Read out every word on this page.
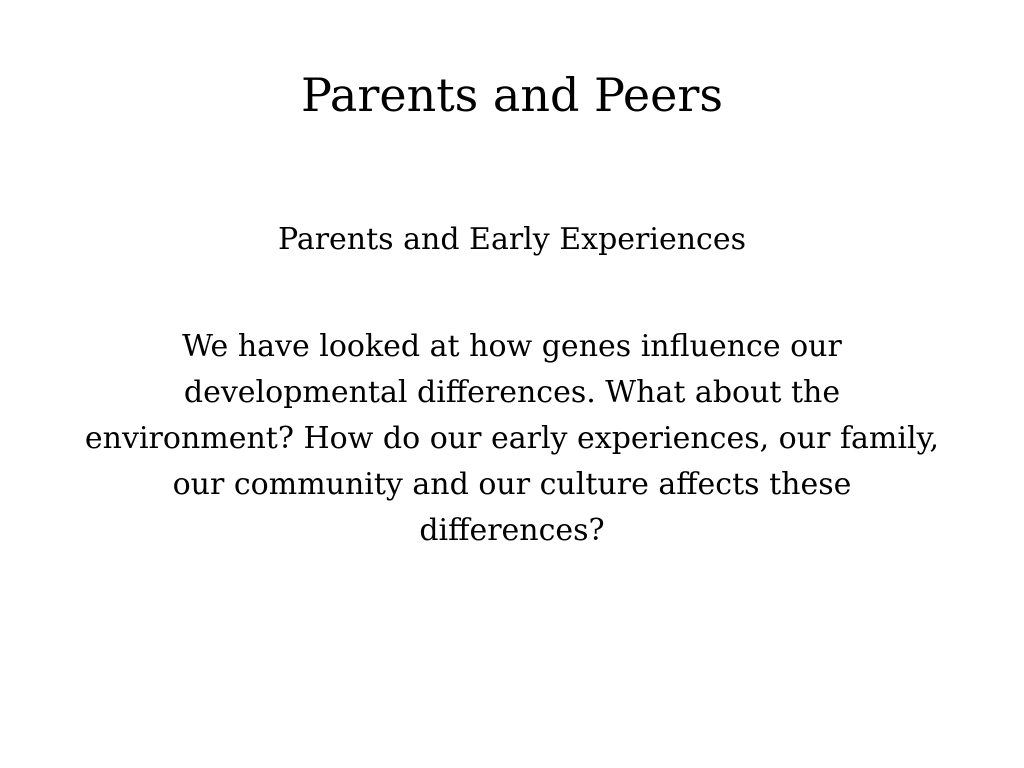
Parents and Peers
Parents and Early Experiences

We have looked at how genes influence our developmental differences. What about the environment? How do our early experiences, our family, our community and our culture affects these differences?
